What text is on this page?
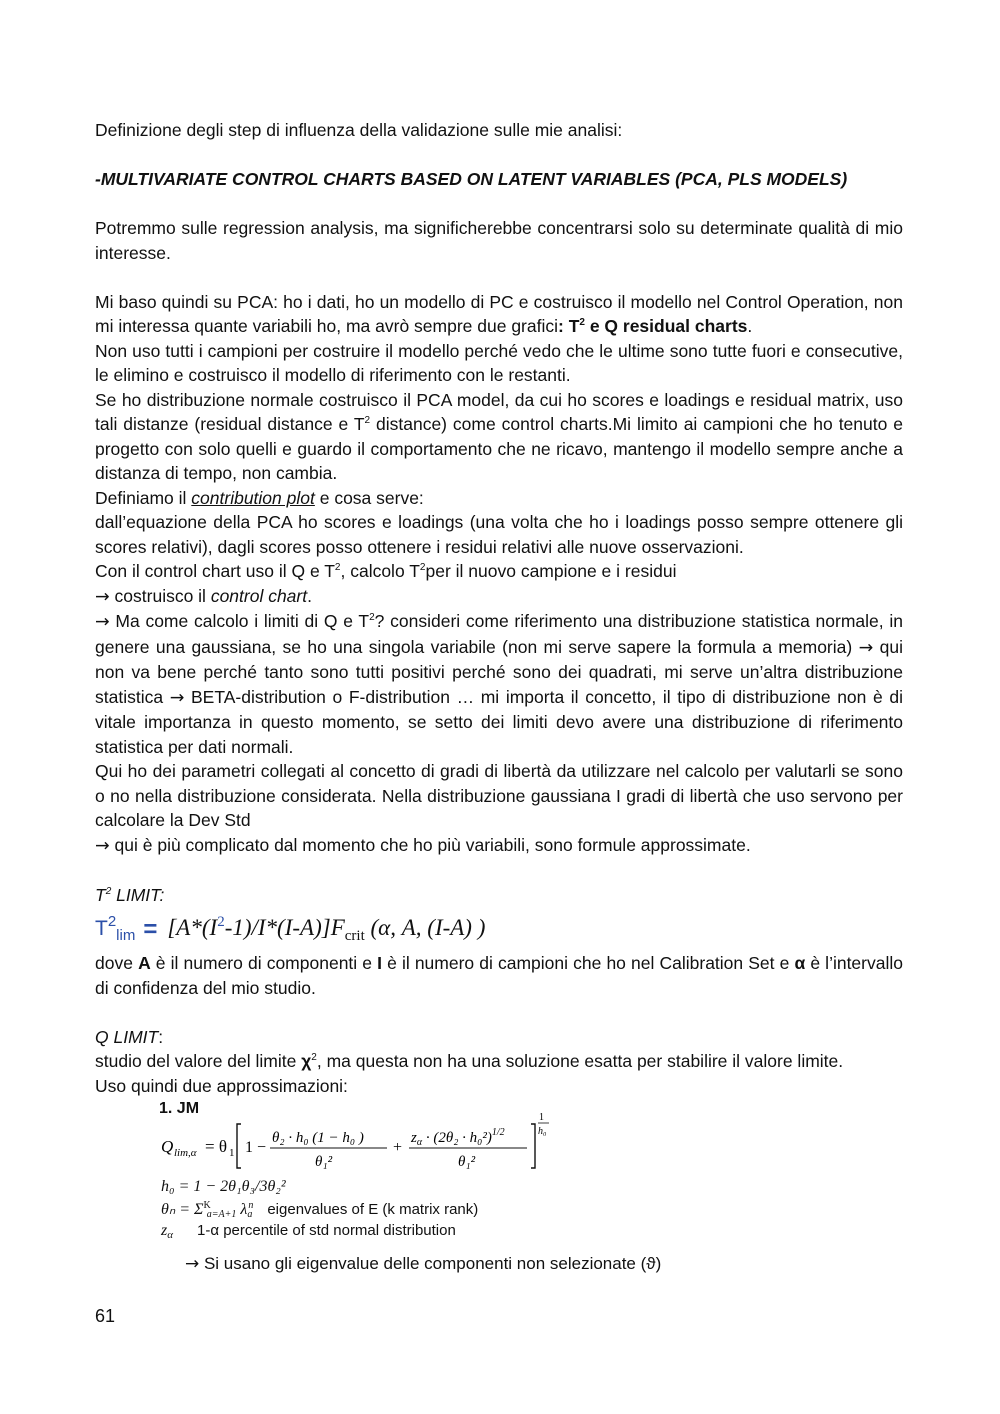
Definizione degli step di influenza della validazione sulle mie analisi:

-MULTIVARIATE CONTROL CHARTS BASED ON LATENT VARIABLES (PCA, PLS MODELS)

Potremmo sulle regression analysis, ma significherebbe concentrarsi solo su determinate qualità di mio interesse.

Mi baso quindi su PCA: ho i dati, ho un modello di PC e costruisco il modello nel Control Operation, non mi interessa quante variabili ho, ma avrò sempre due grafici: $T^2$ e Q residual charts.

Non uso tutti i campioni per costruire il modello perché vedo che le ultime sono tutte fuori e consecutive, le elimino e costruisco il modello di riferimento con le restanti.

Se ho distribuzione normale costruisco il PCA model, da cui ho scores e loadings e residual matrix, uso tali distanze (residual distance e $T^2$ distance) come control charts.Mi limito ai campioni che ho tenuto e progetto con solo quelli e guardo il comportamento che ne ricavo, mantengo il modello sempre anche a distanza di tempo, non cambia.

Definiamo il contribution plot e cosa serve:

dall’equazione della PCA ho scores e loadings (una volta che ho i loadings posso sempre ottenere gli scores relativi), dagli scores posso ottenere i residui relativi alle nuove osservazioni.

Con il control chart uso il Q e $T^2$, calcolo $T^2per$ il nuovo campione e i residui

→ costruisco il control chart.

→ Ma come calcolo i limiti di Q e $T^2$? consideri come riferimento una distribuzione statistica normale, in genere una gaussiana, se ho una singola variabile (non mi serve sapere la formula a memoria) → qui non va bene perché tanto sono tutti positivi perché sono dei quadrati, mi serve un’altra distribuzione statistica → BETA-distribution o F-distribution … mi importa il concetto, il tipo di distribuzione non è di vitale importanza in questo momento, se setto dei limiti devo avere una distribuzione di riferimento statistica per dati normali.

Qui ho dei parametri collegati al concetto di gradi di libertà da utilizzare nel calcolo per valutarli se sono o no nella distribuzione considerata. Nella distribuzione gaussiana I gradi di libertà che uso servono per calcolare la Dev Std

→ qui è più complicato dal momento che ho più variabili, sono formule approssimate.

$T^2$ LIMIT:

$T^2_{lim} = [A*(I^2-1)/I*(I-A)]F_{crit}$ (α, A, (I-A) )

dove A è il numero di componenti e I è il numero di campioni che ho nel Calibration Set e α è l’intervallo di confidenza del mio studio.

Q LIMIT:

studio del valore del limite $\chi^2$, ma questa non ha una soluzione esatta per stabilire il valore limite.

Uso quindi due approssimazioni:

1. JM
Q lim,α = θ 1 1 −
θ₂ · h₀ (1 − h₀ )
θ₁²
+
$z_\alpha \cdot (2\theta_2 \cdot h_0^2)^{1/2}$
θ₁²
1
h₀
h₀ = 1 − 2θ₁θ₃/3θ₂²
$\theta_n = \Sigma^Ka=A+1$ $\lambda a^n$ eigenvalues of E (k matrix rank)
zα 1-α percentile of std normal distribution
→ Si usano gli eigenvalue delle componenti non selezionate (ϑ)
61
